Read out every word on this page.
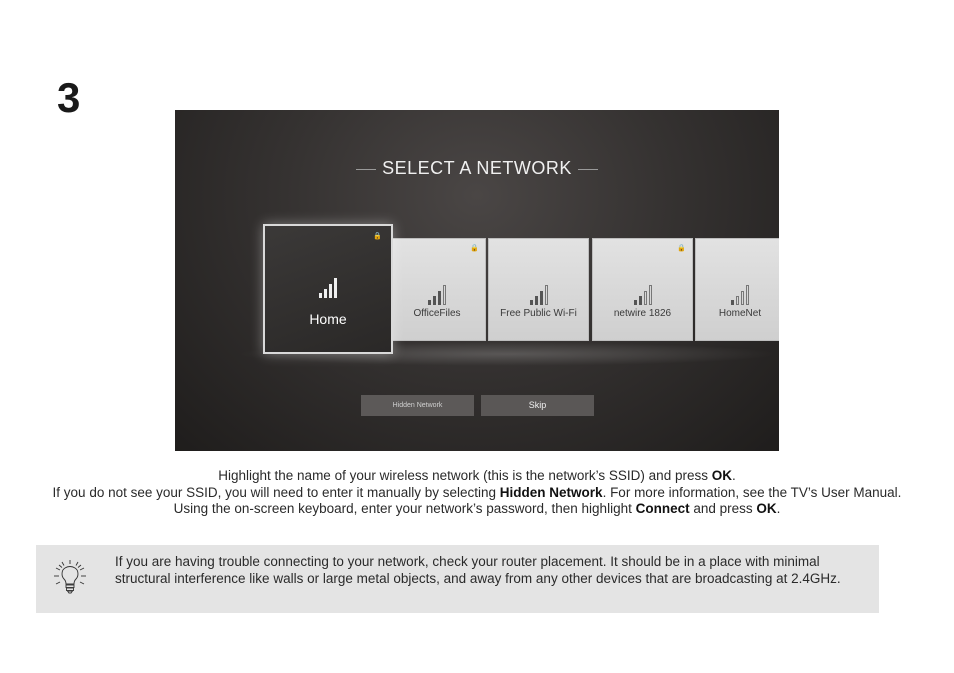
3
SELECT A NETWORK
🔒
OfficeFiles	Free Public Wi-Fi
🔒
netwire 1826	HomeNet
🔒
Home
Hidden Network	Skip
Highlight the name of your wireless network (this is the network’s SSID) and press OK.
If you do not see your SSID, you will need to enter it manually by selecting Hidden Network. For more information, see the TV’s User Manual. Using the on-screen keyboard, enter your network’s password, then highlight Connect and press OK.
If you are having trouble connecting to your network, check your router placement. It should be in a place with minimal structural interference like walls or large metal objects, and away from any other devices that are broadcasting at 2.4GHz.
